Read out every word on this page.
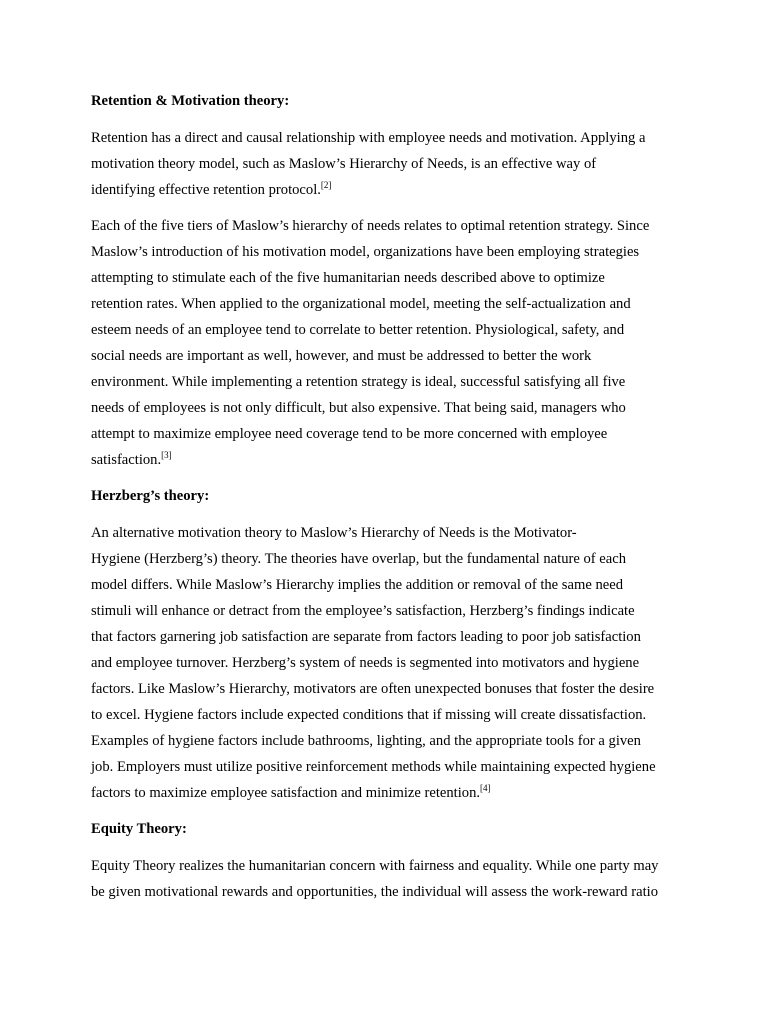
Retention & Motivation theory:
Retention has a direct and causal relationship with employee needs and motivation. Applying a
motivation theory model, such as Maslow’s Hierarchy of Needs, is an effective way of
identifying effective retention protocol.[2]
Each of the five tiers of Maslow’s hierarchy of needs relates to optimal retention strategy. Since
Maslow’s introduction of his motivation model, organizations have been employing strategies
attempting to stimulate each of the five humanitarian needs described above to optimize
retention rates. When applied to the organizational model, meeting the self-actualization and
esteem needs of an employee tend to correlate to better retention. Physiological, safety, and
social needs are important as well, however, and must be addressed to better the work
environment. While implementing a retention strategy is ideal, successful satisfying all five
needs of employees is not only difficult, but also expensive. That being said, managers who
attempt to maximize employee need coverage tend to be more concerned with employee
satisfaction.[3]
Herzberg’s theory:
An alternative motivation theory to Maslow’s Hierarchy of Needs is the Motivator-
Hygiene (Herzberg’s) theory. The theories have overlap, but the fundamental nature of each
model differs. While Maslow’s Hierarchy implies the addition or removal of the same need
stimuli will enhance or detract from the employee’s satisfaction, Herzberg’s findings indicate
that factors garnering job satisfaction are separate from factors leading to poor job satisfaction
and employee turnover. Herzberg’s system of needs is segmented into motivators and hygiene
factors. Like Maslow’s Hierarchy, motivators are often unexpected bonuses that foster the desire
to excel. Hygiene factors include expected conditions that if missing will create dissatisfaction.
Examples of hygiene factors include bathrooms, lighting, and the appropriate tools for a given
job. Employers must utilize positive reinforcement methods while maintaining expected hygiene
factors to maximize employee satisfaction and minimize retention.[4]
Equity Theory:
Equity Theory realizes the humanitarian concern with fairness and equality. While one party may
be given motivational rewards and opportunities, the individual will assess the work-reward ratio
